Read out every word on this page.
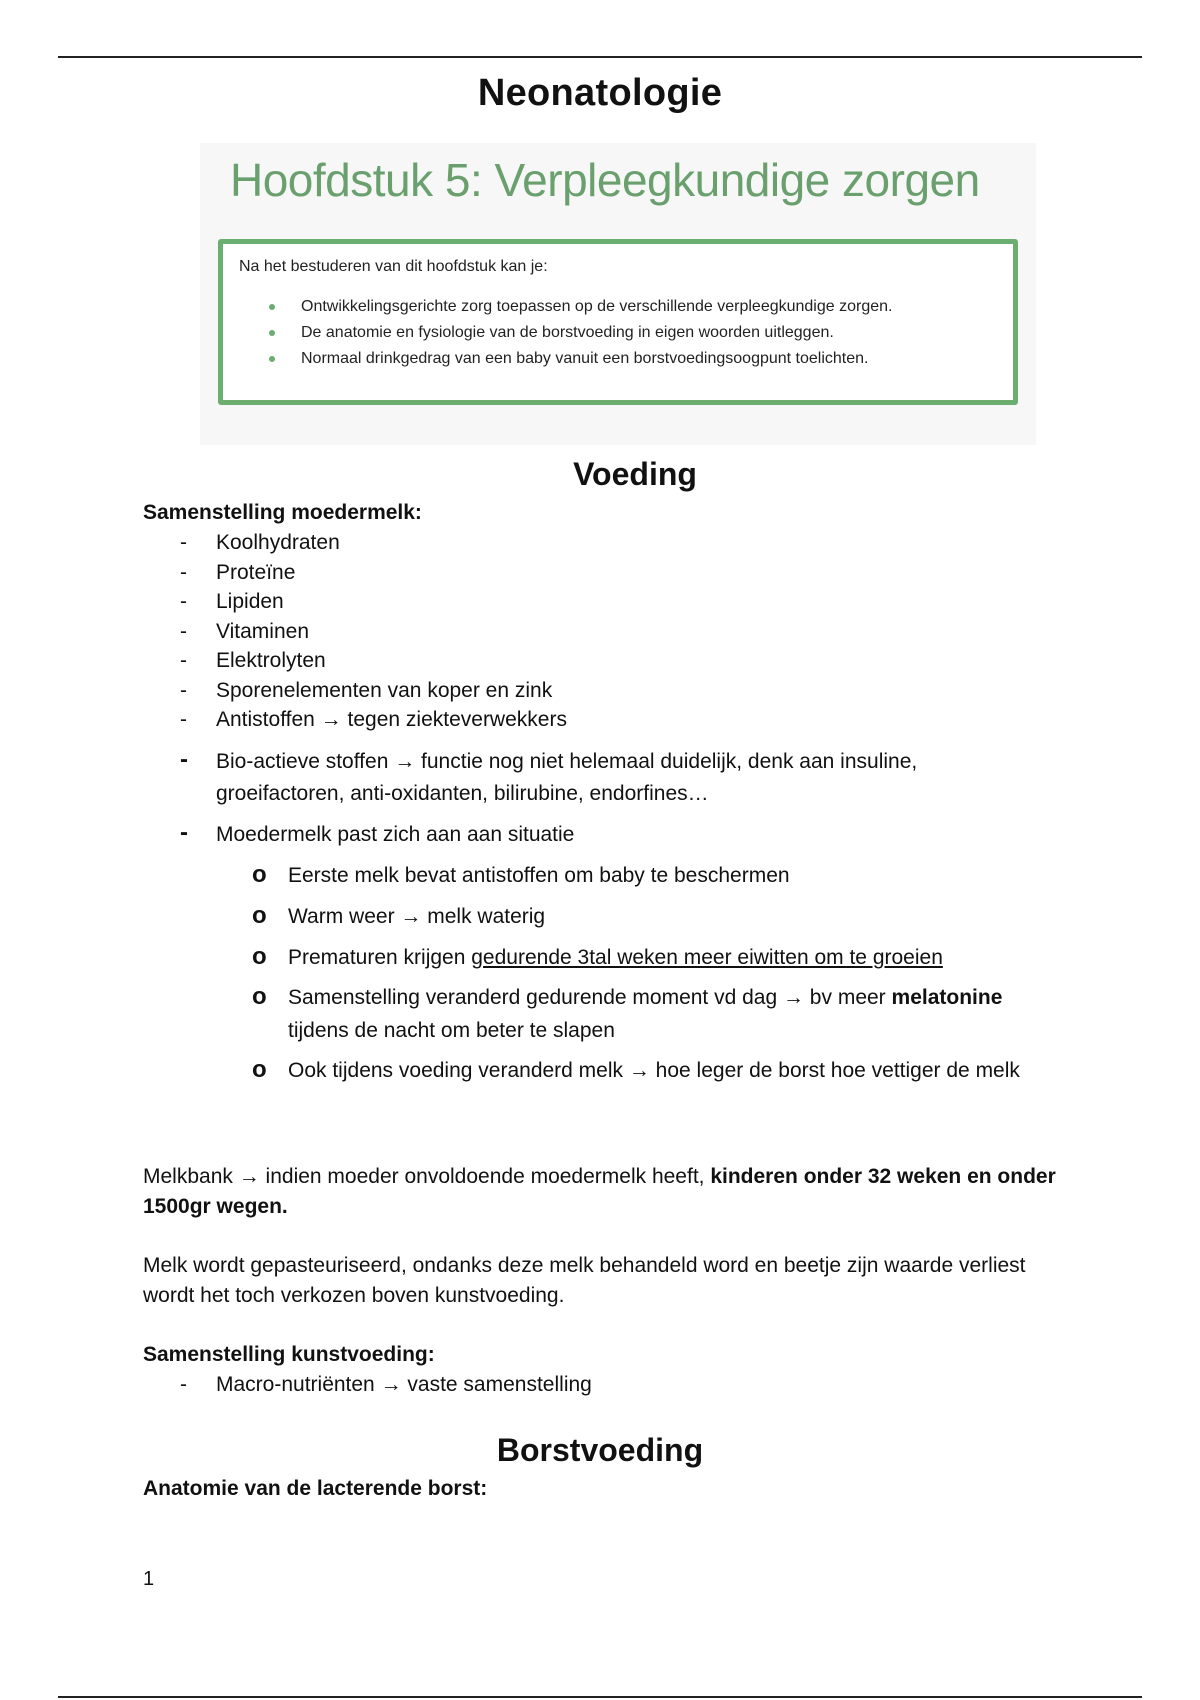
Neonatologie
Hoofdstuk 5: Verpleegkundige zorgen
Na het bestuderen van dit hoofdstuk kan je:
Ontwikkelingsgerichte zorg toepassen op de verschillende verpleegkundige zorgen.
De anatomie en fysiologie van de borstvoeding in eigen woorden uitleggen.
Normaal drinkgedrag van een baby vanuit een borstvoedingsoogpunt toelichten.
Voeding
Samenstelling moedermelk:
- Koolhydraten
- Proteïne
- Lipiden
- Vitaminen
- Elektrolyten
- Sporenelementen van koper en zink
- Antistoffen → tegen ziekteverwekkers
- Bio-actieve stoffen → functie nog niet helemaal duidelijk, denk aan insuline, groeifactoren, anti-oxidanten, bilirubine, endorfines…
- Moedermelk past zich aan aan situatie
o Eerste melk bevat antistoffen om baby te beschermen
o Warm weer → melk waterig
o Prematuren krijgen gedurende 3tal weken meer eiwitten om te groeien
o Samenstelling veranderd gedurende moment vd dag → bv meer melatonine tijdens de nacht om beter te slapen
o Ook tijdens voeding veranderd melk → hoe leger de borst hoe vettiger de melk
Melkbank → indien moeder onvoldoende moedermelk heeft, kinderen onder 32 weken en onder 1500gr wegen.
Melk wordt gepasteuriseerd, ondanks deze melk behandeld word en beetje zijn waarde verliest wordt het toch verkozen boven kunstvoeding.
Samenstelling kunstvoeding:
- Macro-nutriënten → vaste samenstelling
Borstvoeding
Anatomie van de lacterende borst:
1
